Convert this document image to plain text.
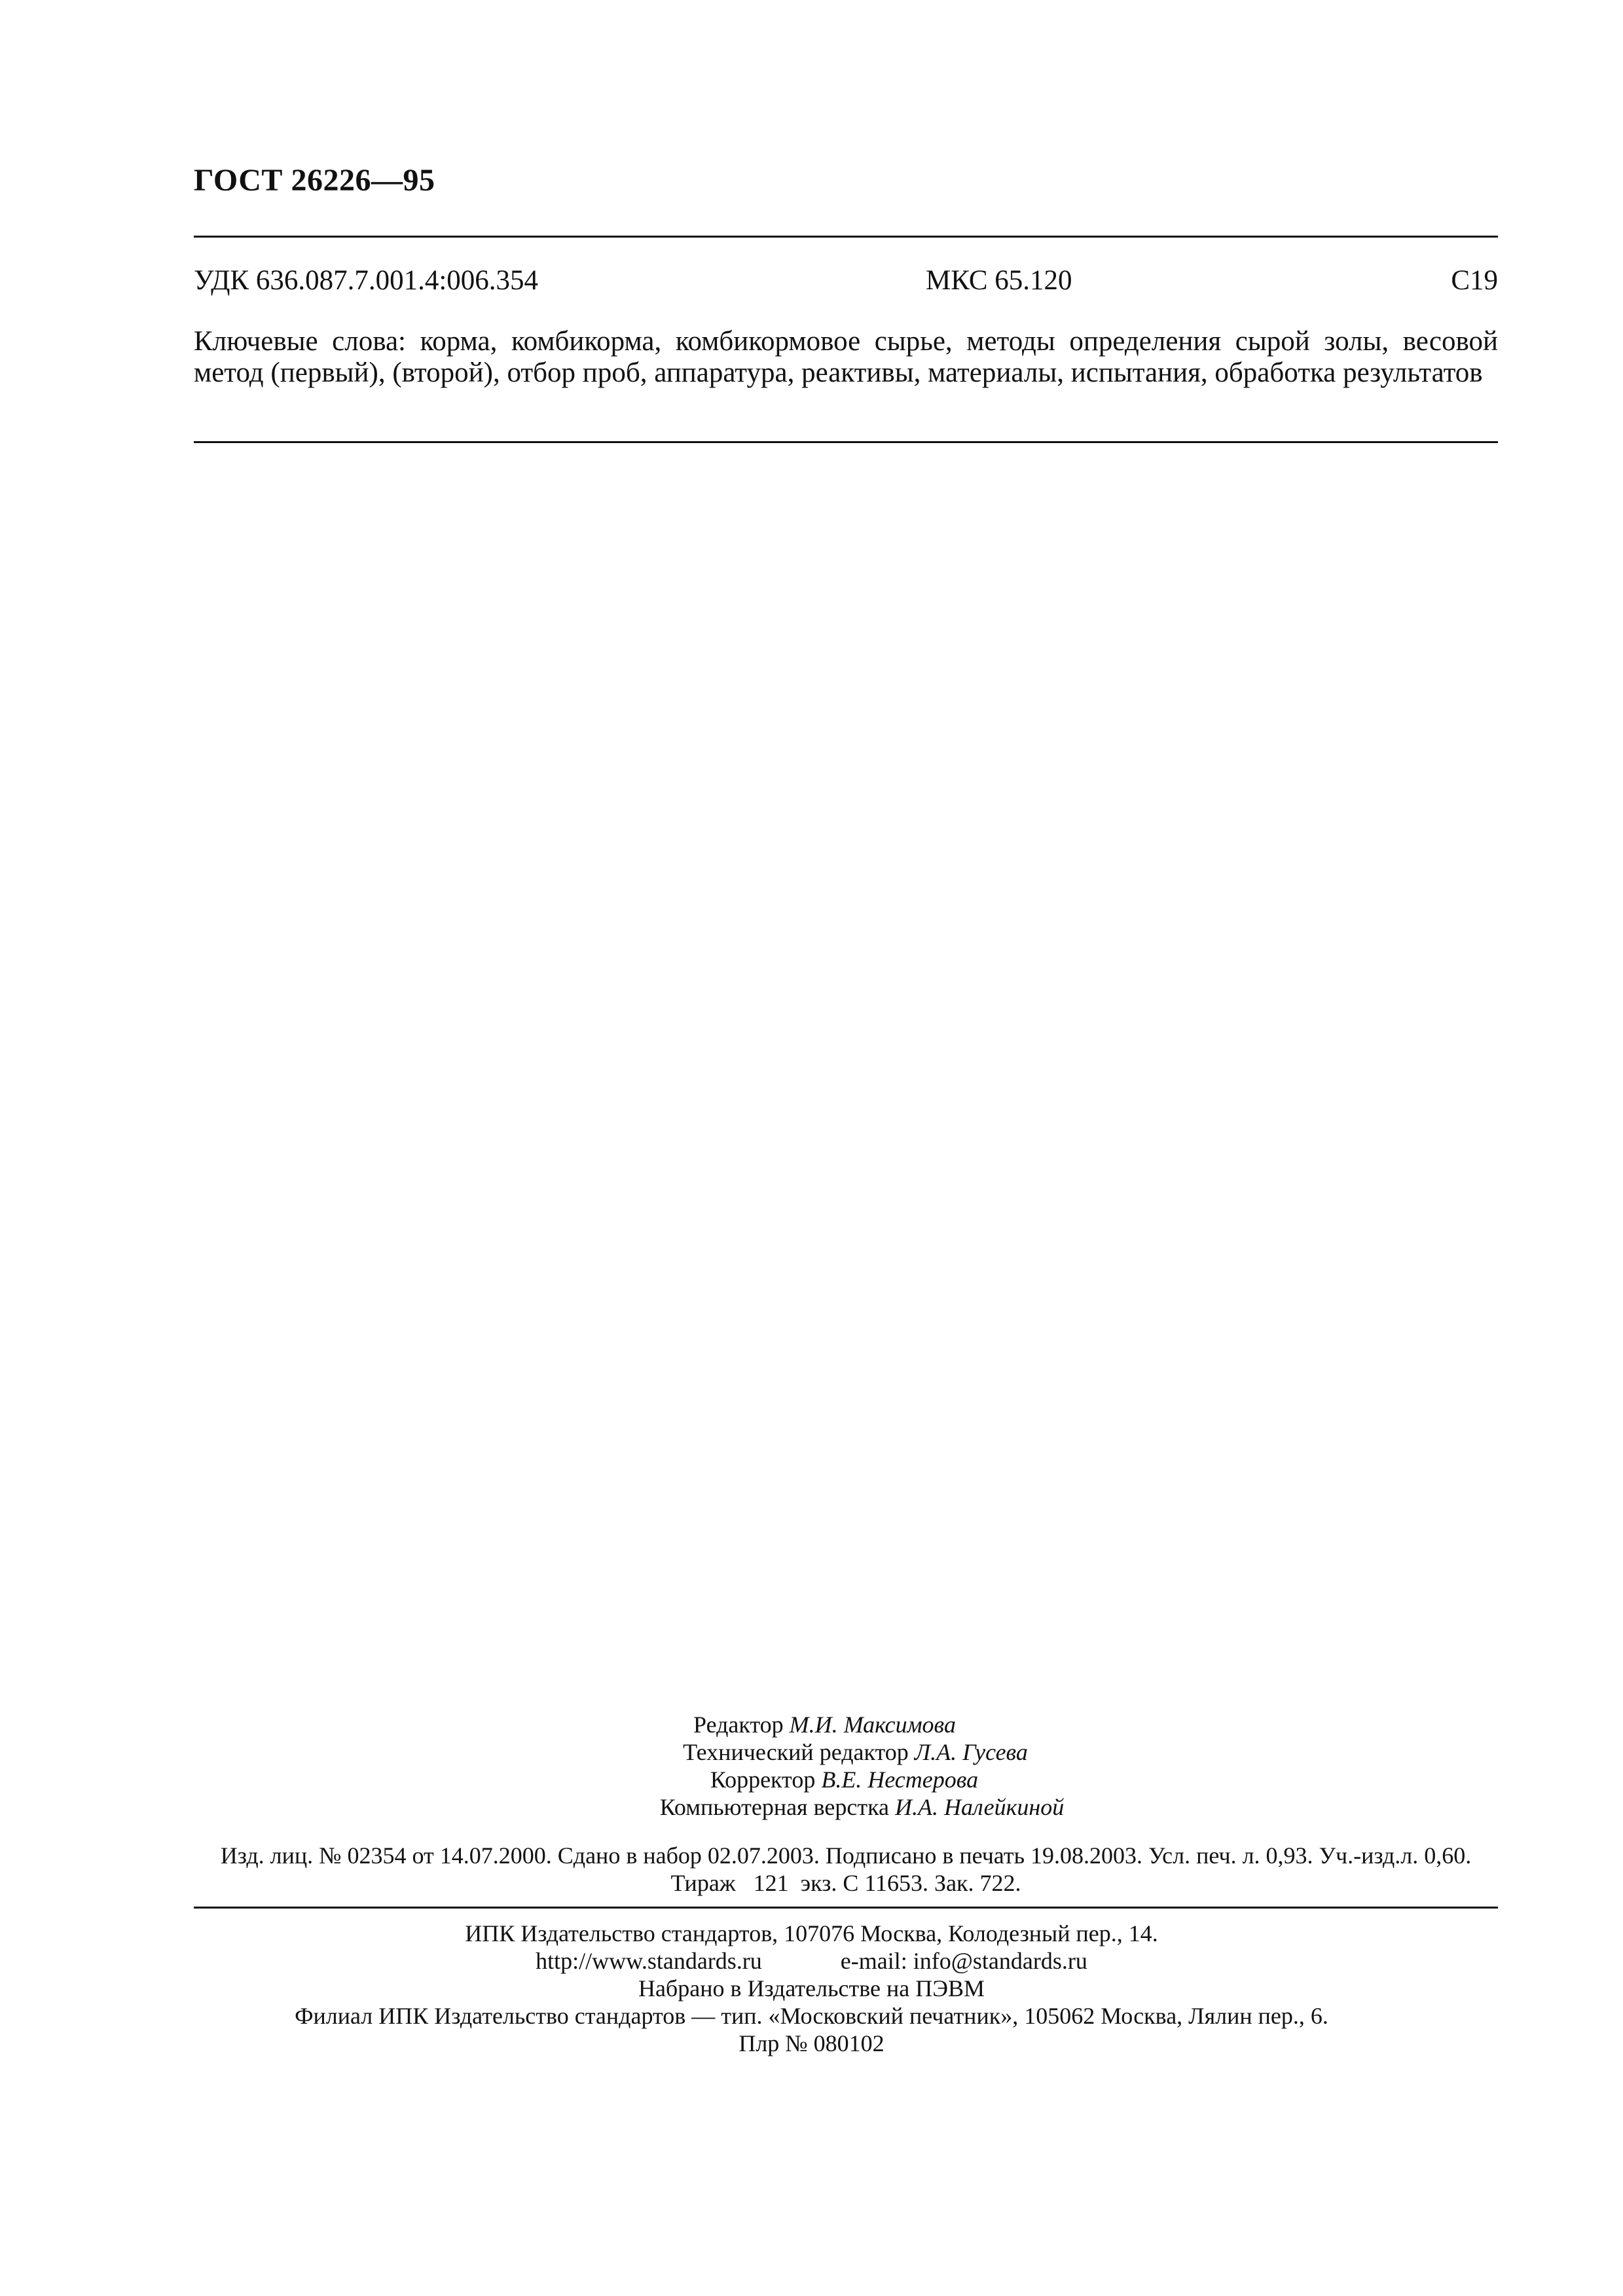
ГОСТ 26226—95
УДК 636.087.7.001.4:006.354	МКС 65.120	С19
Ключевые слова: корма, комбикорма, комбикормовое сырье, методы определения сырой золы, весовой метод (первый), (второй), отбор проб, аппаратура, реактивы, материалы, испытания, обработка результатов
Редактор М.И. Максимова
Технический редактор Л.А. Гусева
Корректор В.Е. Нестерова
Компьютерная верстка И.А. Налейкиной
Изд. лиц. № 02354 от 14.07.2000. Сдано в набор 02.07.2003. Подписано в печать 19.08.2003. Усл. печ. л. 0,93. Уч.-изд.л. 0,60.
Тираж   121  экз. С 11653. Зак. 722.
ИПК Издательство стандартов, 107076 Москва, Колодезный пер., 14.
http://www.standards.ru	e-mail: info@standards.ru
Набрано в Издательстве на ПЭВМ
Филиал ИПК Издательство стандартов — тип. «Московский печатник», 105062 Москва, Лялин пер., 6.
Плр № 080102
